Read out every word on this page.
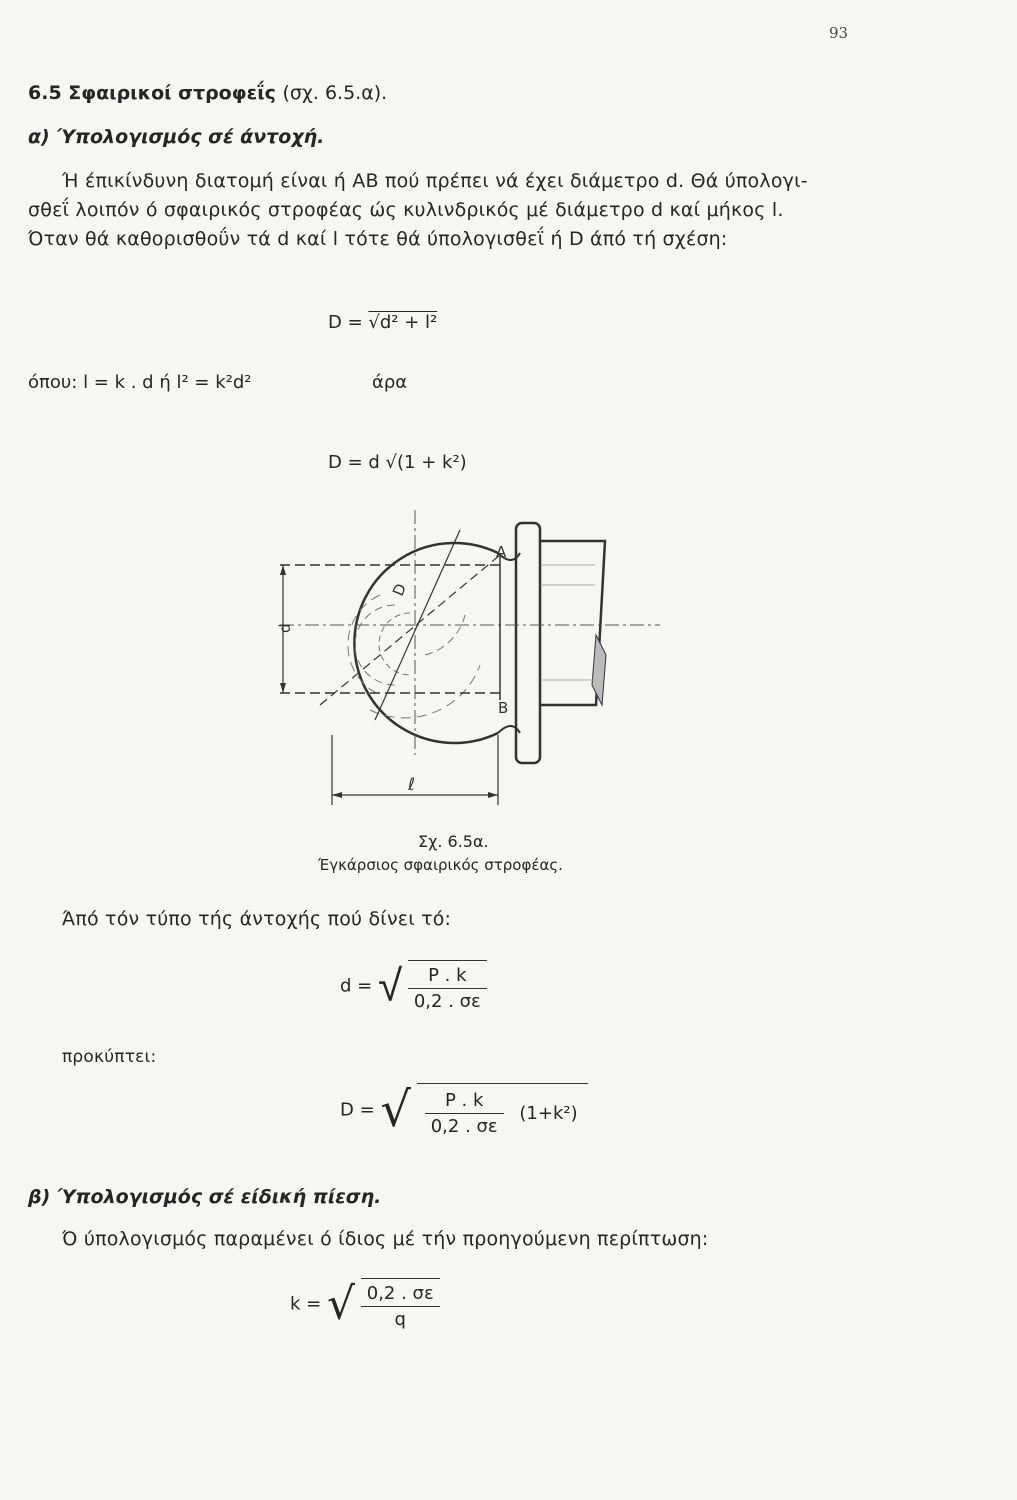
93
6.5 Σφαιρικοί στροφεΐς (σχ. 6.5.α).
α) Ύπολογισμός σέ άντοχή.
Ή έπικίνδυνη διατομή είναι ή ΑΒ πού πρέπει νά έχει διάμετρο d. Θά ύπολογι-
σθεΐ λοιπόν ό σφαιρικός στροφέας ώς κυλινδρικός μέ διάμετρο d καί μήκος l.
Όταν θά καθορισθοΰν τά d καί l τότε θά ύπολογισθεΐ ή D άπό τή σχέση:
D = √d² + l²
όπου: l = k . d ή l² = k²d²	άρα
D = d √(1 + k²)
d
D
A
B
ℓ
Σχ. 6.5α.
Έγκάρσιος σφαιρικός στροφέας.
Άπό τόν τύπο τής άντοχής πού δίνει τό:
d = √ $\frac{P . k}{0,2 . \sigma\varepsilon}$
προκύπτει:
D = √ $\frac{P . k}{0,2 . \sigma\varepsilon} (1+k^2)$
β) Ύπολογισμός σέ είδική πίεση.
Ό ύπολογισμός παραμένει ό ίδιος μέ τήν προηγούμενη περίπτωση:
k = √ $\frac{0,2 . \sigma\varepsilon}{q}$
